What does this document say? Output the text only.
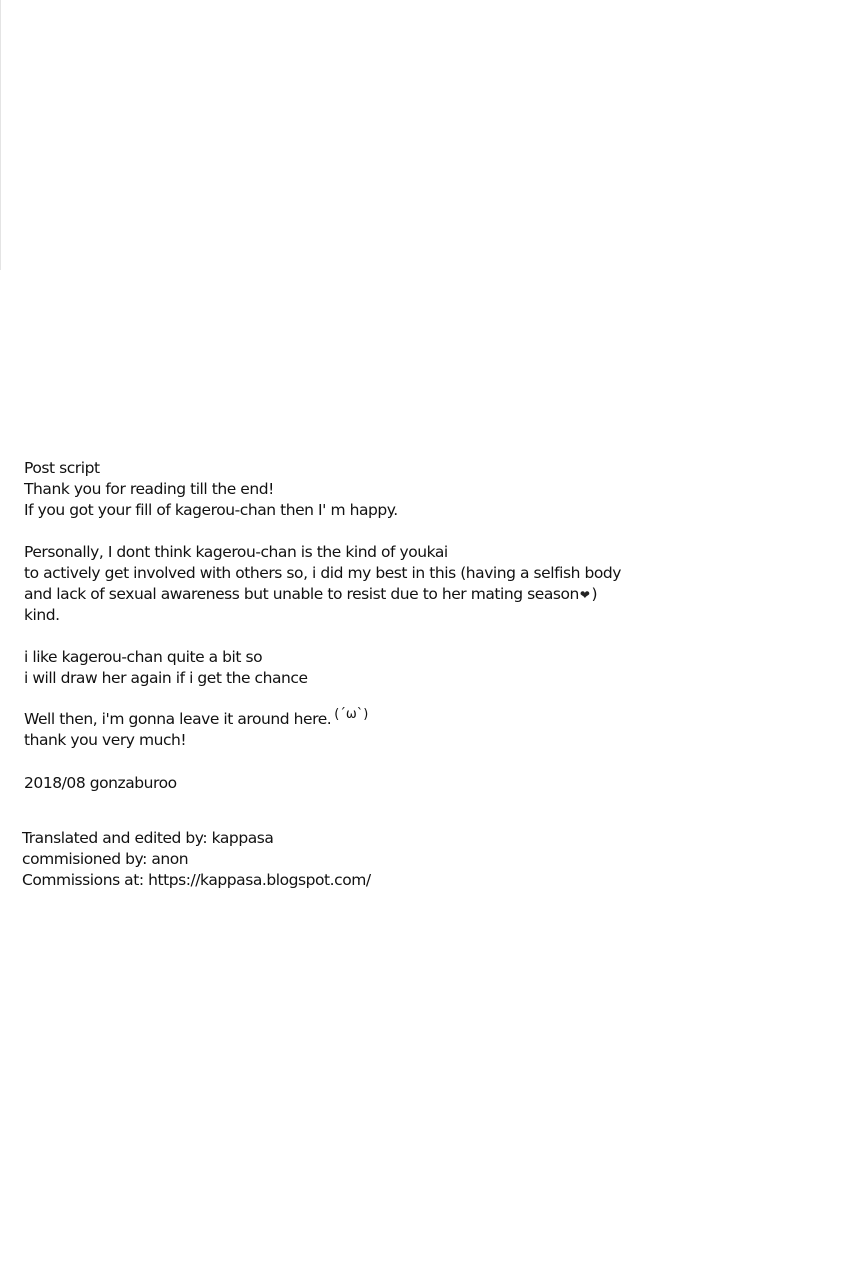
Post script
Thank you for reading till the end!
If you got your fill of kagerou-chan then I' m happy.
Personally, I dont think kagerou-chan is the kind of youkai
to actively get involved with others so, i did my best in this (having a selfish body
and lack of sexual awareness but unable to resist due to her mating season❤ )
kind.
i like kagerou-chan quite a bit so
i will draw her again if i get the chance
Well then, i'm gonna leave it around here. (´ω`)
thank you very much!
2018/08 gonzaburoo
Translated and edited by: kappasa
commisioned by: anon
Commissions at: https://kappasa.blogspot.com/
